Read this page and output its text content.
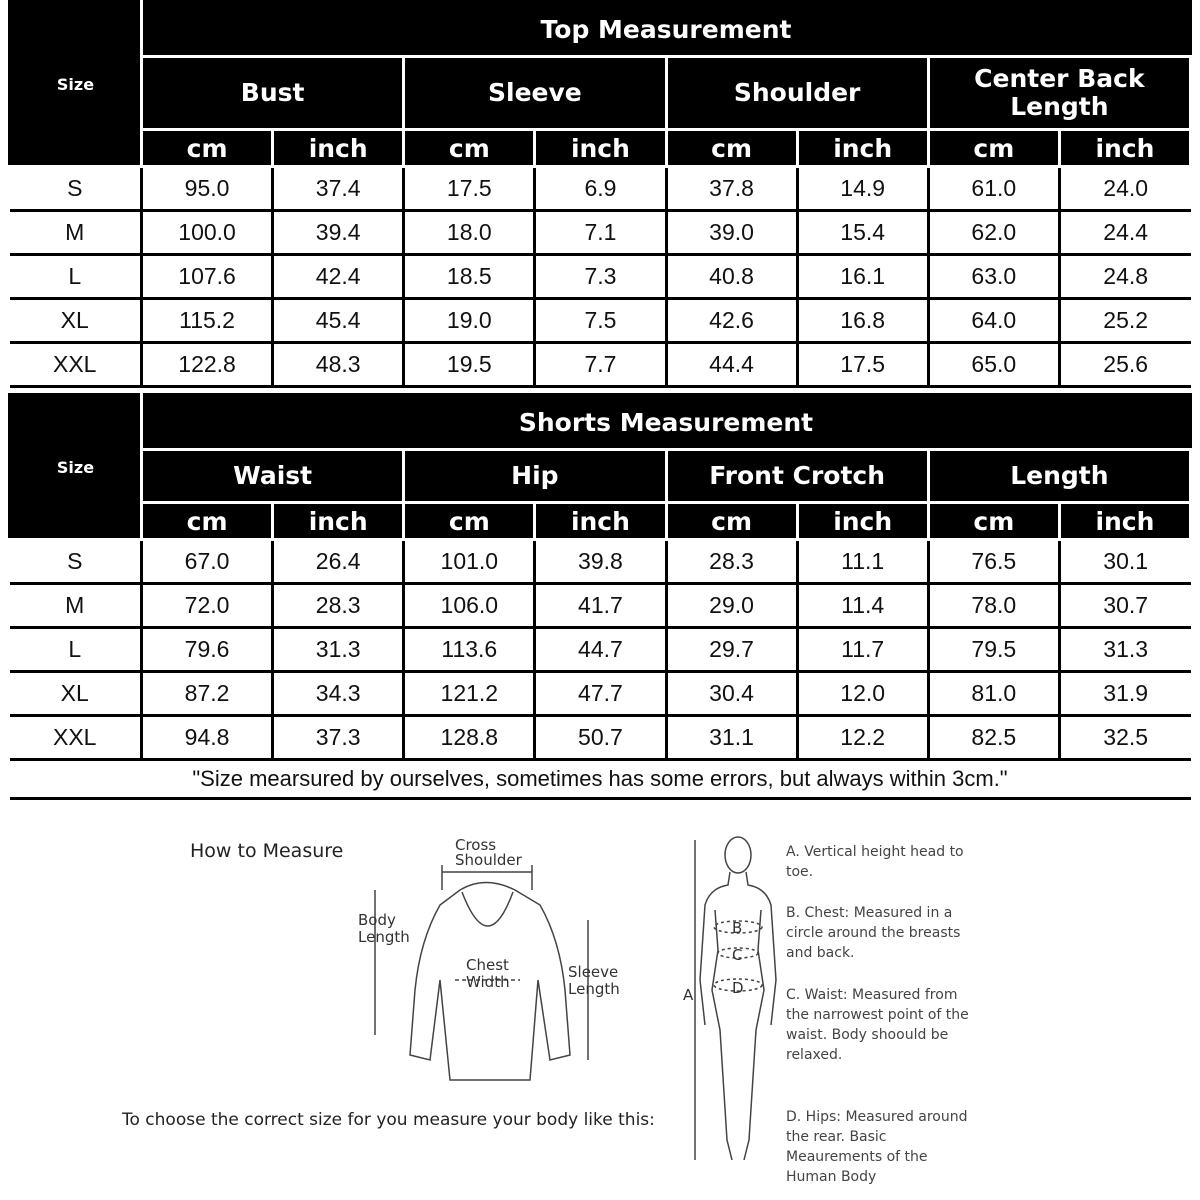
Size	Top Measurement							
	Bust		Sleeve		Shoulder		Center Back Length	
	cm	inch	cm	inch	cm	inch	cm	inch
S	95.0	37.4	17.5	6.9	37.8	14.9	61.0	24.0
M	100.0	39.4	18.0	7.1	39.0	15.4	62.0	24.4
L	107.6	42.4	18.5	7.3	40.8	16.1	63.0	24.8
XL	115.2	45.4	19.0	7.5	42.6	16.8	64.0	25.2
XXL	122.8	48.3	19.5	7.7	44.4	17.5	65.0	25.6
Size	Shorts Measurement							
	Waist		Hip		Front Crotch		Length	
	cm	inch	cm	inch	cm	inch	cm	inch
S	67.0	26.4	101.0	39.8	28.3	11.1	76.5	30.1
M	72.0	28.3	106.0	41.7	29.0	11.4	78.0	30.7
L	79.6	31.3	113.6	44.7	29.7	11.7	79.5	31.3
XL	87.2	34.3	121.2	47.7	30.4	12.0	81.0	31.9
XXL	94.8	37.3	128.8	50.7	31.1	12.2	82.5	32.5
"Size mearsured by ourselves, sometimes has some errors, but always within 3cm."								
How to Measure
To choose the correct size for you measure your body like this:
Cross
Shoulder
Body
Length
Chest
Width
Sleeve
Length	A
B
C
D
A. Vertical height head to toe.
B. Chest: Measured in a circle around the breasts and back.
C. Waist: Measured from the narrowest point of the waist. Body shoould be relaxed.
D. Hips: Measured around the rear. Basic Meaurements of the Human Body
